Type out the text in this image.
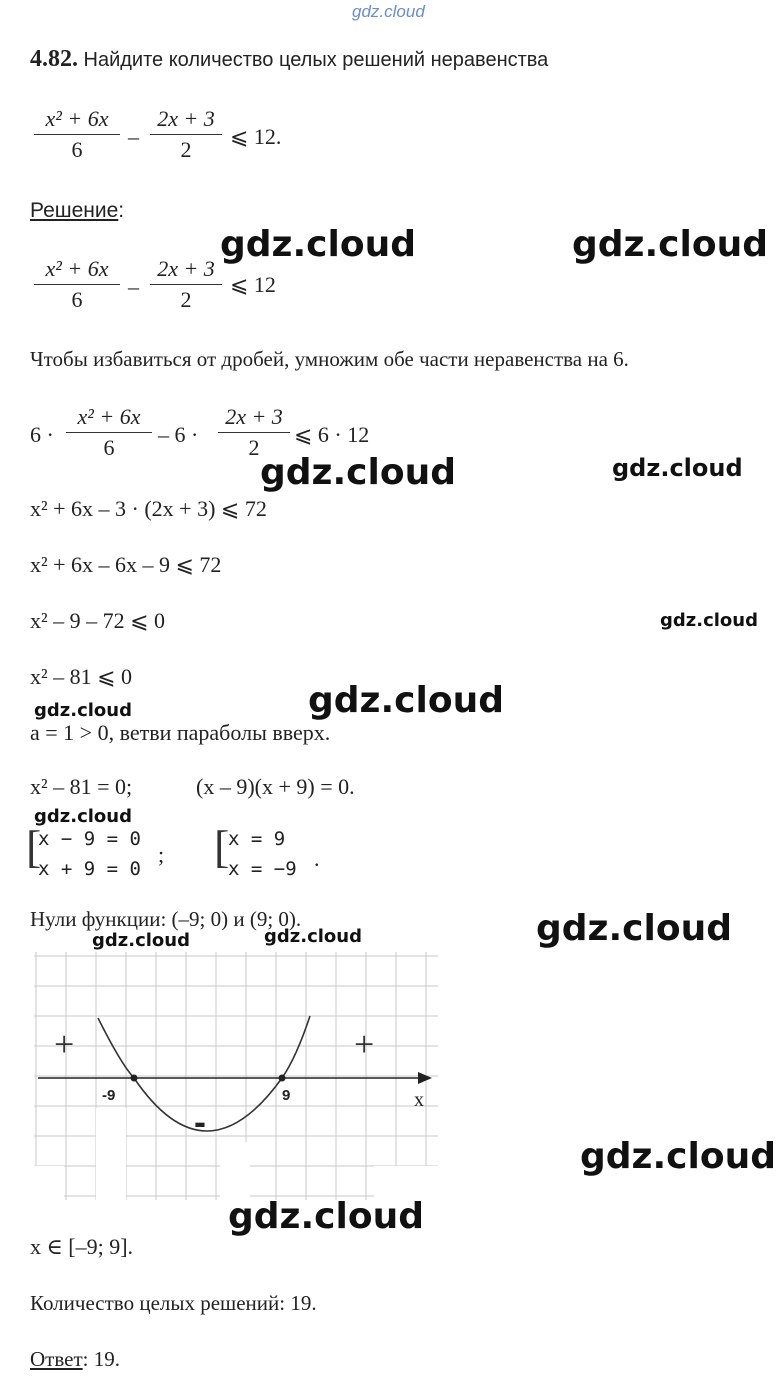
gdz.cloud
4.82. Найдите количество целых решений неравенства
x² + 6x
6
–
2x + 3
2
⩽ 12.
Решение:
x² + 6x
6
–
2x + 3
2
⩽ 12
Чтобы избавиться от дробей, умножим обе части неравенства на 6.
6 ·
x² + 6x
6
– 6 ·
2x + 3
2
⩽ 6 · 12
x² + 6x – 3 · (2x + 3) ⩽ 72
x² + 6x – 6x – 9 ⩽ 72
x² – 9 – 72 ⩽ 0
x² – 81 ⩽ 0
a = 1 > 0, ветви параболы вверх.
x² – 81 = 0;	(x – 9)(x + 9) = 0.
[
x − 9 = 0
x + 9 = 0
; [
x = 9
x = −9 .
Нули функции: (–9; 0) и (9; 0).
+	+
-
-9	9	x
x ∈ [–9; 9].
Количество целых решений: 19.
Ответ: 19.
gdz.cloud	gdz.cloud
gdz.cloud	gdz.cloud
gdz.cloud
gdz.cloud
gdz.cloud
gdz.cloud
gdz.cloud
gdz.cloud	gdz.cloud
gdz.cloud
gdz.cloud
